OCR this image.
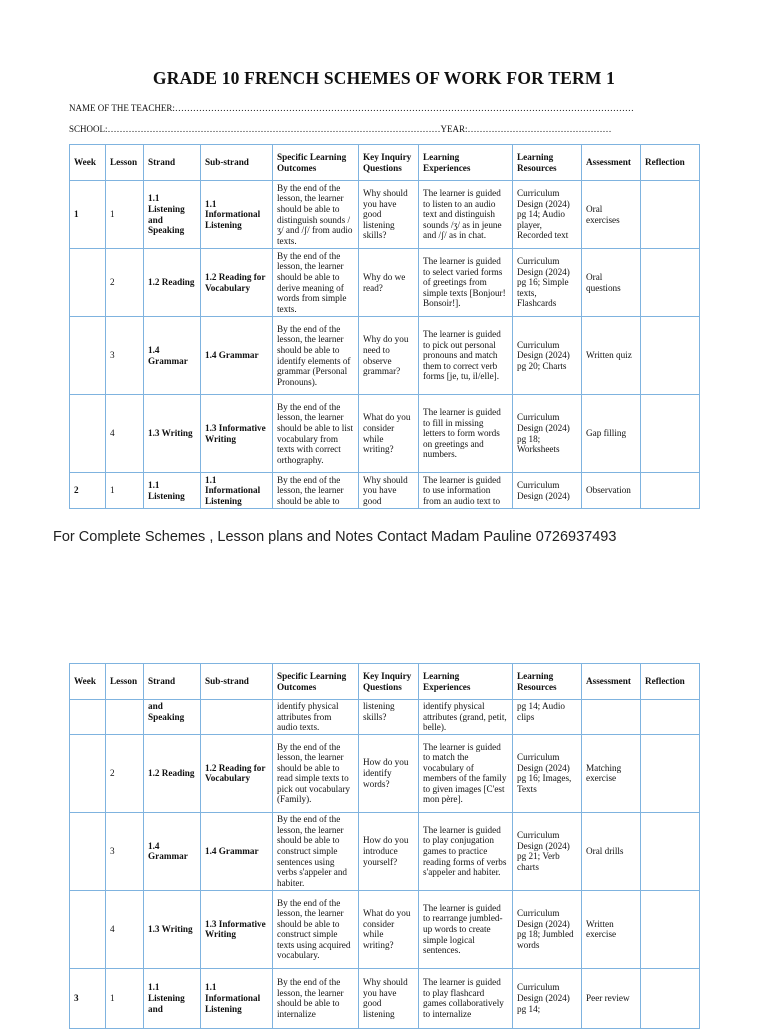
GRADE 10 FRENCH SCHEMES OF WORK FOR TERM 1
NAME OF THE TEACHER:………………………………………………………………………………………………………………………………………
SCHOOL:…………………………………………………………………………………………………YEAR:…………………………………………
Week	Lesson	Strand	Sub-strand	Specific Learning Outcomes	Key Inquiry Questions	Learning Experiences	Learning Resources	Assessment	Reflection
1	1	1.1 Listening and Speaking	1.1 Informational Listening	By the end of the lesson, the learner should be able to distinguish sounds /ʒ/ and /ʃ/ from audio texts.	Why should you have good listening skills?	The learner is guided to listen to an audio text and distinguish sounds /ʒ/ as in jeune and /ʃ/ as in chat.	Curriculum Design (2024) pg 14; Audio player, Recorded text	Oral exercises	
	2	1.2 Reading	1.2 Reading for Vocabulary	By the end of the lesson, the learner should be able to derive meaning of words from simple texts.	Why do we read?	The learner is guided to select varied forms of greetings from simple texts [Bonjour! Bonsoir!].	Curriculum Design (2024) pg 16; Simple texts, Flashcards	Oral questions	
	3	1.4 Grammar	1.4 Grammar	By the end of the lesson, the learner should be able to identify elements of grammar (Personal Pronouns).	Why do you need to observe grammar?	The learner is guided to pick out personal pronouns and match them to correct verb forms [je, tu, il/elle].	Curriculum Design (2024) pg 20; Charts	Written quiz	
	4	1.3 Writing	1.3 Informative Writing	By the end of the lesson, the learner should be able to list vocabulary from texts with correct orthography.	What do you consider while writing?	The learner is guided to fill in missing letters to form words on greetings and numbers.	Curriculum Design (2024) pg 18; Worksheets	Gap filling	
2	1	1.1 Listening	1.1 Informational Listening	By the end of the lesson, the learner should be able to	Why should you have good	The learner is guided to use information from an audio text to	Curriculum Design (2024)	Observation	
For Complete Schemes , Lesson plans and Notes Contact Madam Pauline 0726937493
Week	Lesson	Strand	Sub-strand	Specific Learning Outcomes	Key Inquiry Questions	Learning Experiences	Learning Resources	Assessment	Reflection
		and Speaking		identify physical attributes from audio texts.	listening skills?	identify physical attributes (grand, petit, belle).	pg 14; Audio clips		
	2	1.2 Reading	1.2 Reading for Vocabulary	By the end of the lesson, the learner should be able to read simple texts to pick out vocabulary (Family).	How do you identify words?	The learner is guided to match the vocabulary of members of the family to given images [C'est mon père].	Curriculum Design (2024) pg 16; Images, Texts	Matching exercise	
	3	1.4 Grammar	1.4 Grammar	By the end of the lesson, the learner should be able to construct simple sentences using verbs s'appeler and habiter.	How do you introduce yourself?	The learner is guided to play conjugation games to practice reading forms of verbs s'appeler and habiter.	Curriculum Design (2024) pg 21; Verb charts	Oral drills	
	4	1.3 Writing	1.3 Informative Writing	By the end of the lesson, the learner should be able to construct simple texts using acquired vocabulary.	What do you consider while writing?	The learner is guided to rearrange jumbled-up words to create simple logical sentences.	Curriculum Design (2024) pg 18; Jumbled words	Written exercise	
3	1	1.1 Listening and	1.1 Informational Listening	By the end of the lesson, the learner should be able to internalize	Why should you have good listening	The learner is guided to play flashcard games collaboratively to internalize	Curriculum Design (2024) pg 14;	Peer review	
